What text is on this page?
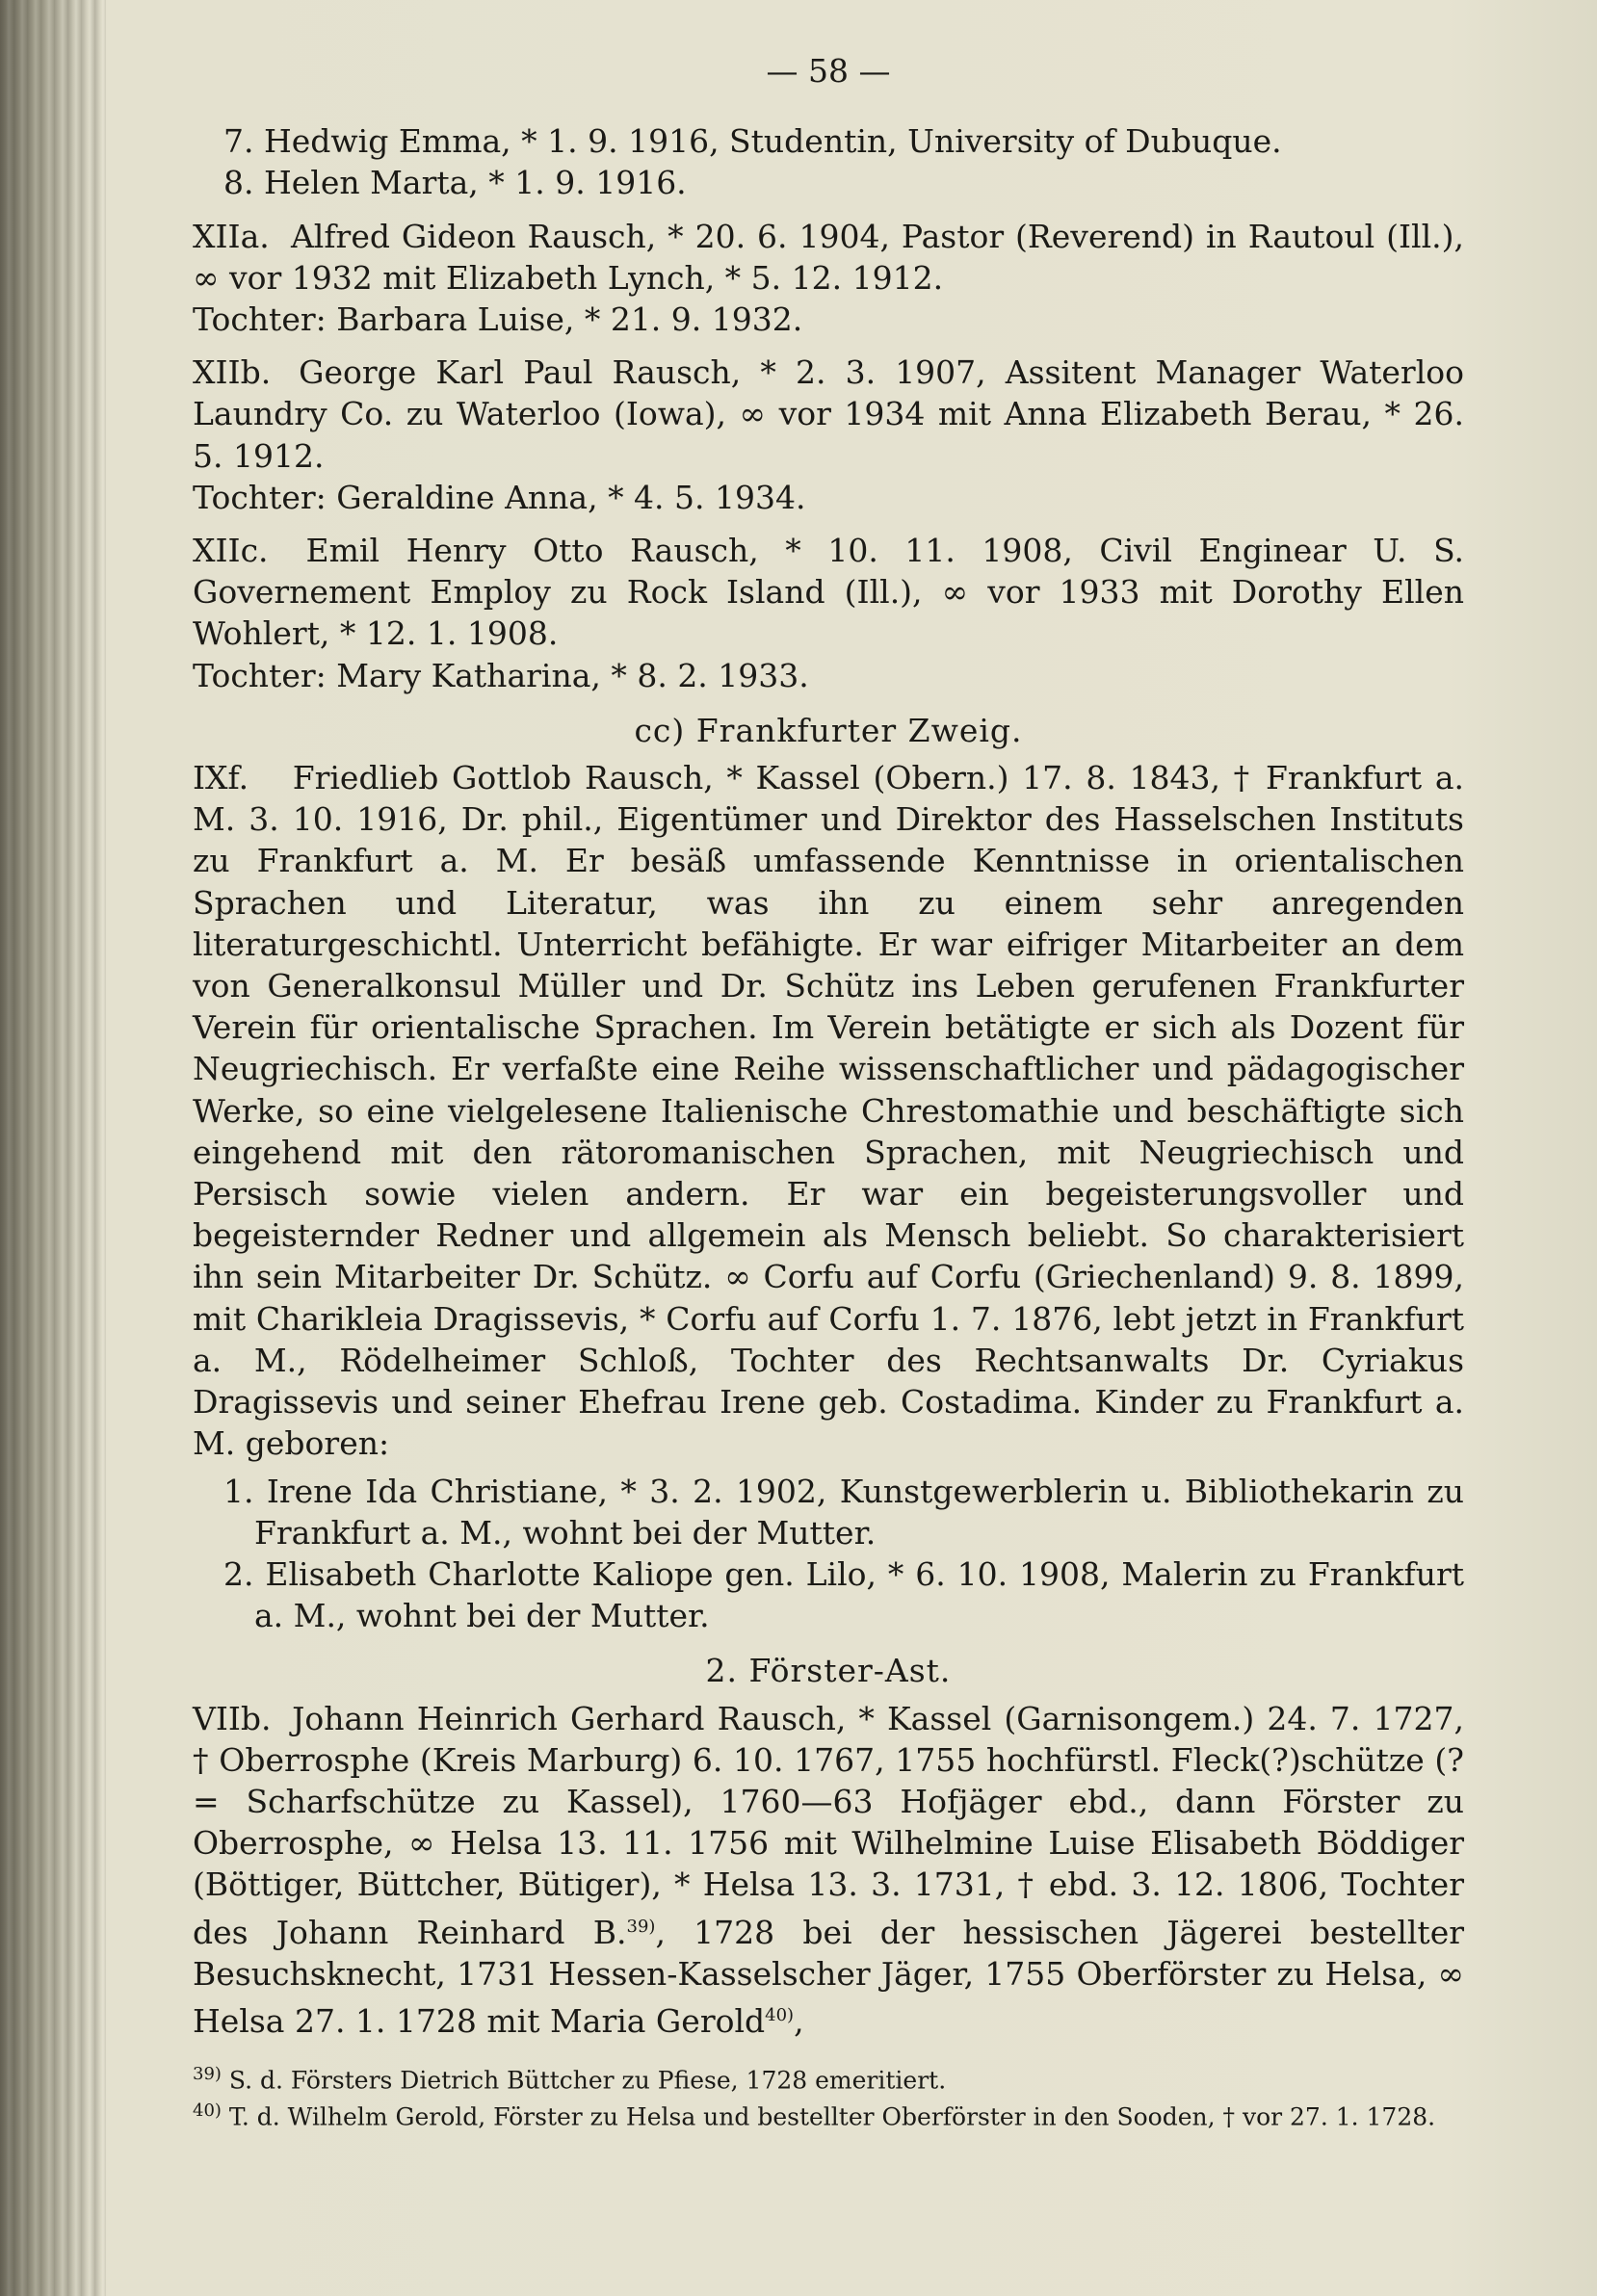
— 58 —

7. Hedwig Emma, * 1. 9. 1916, Studentin, University of Dubuque.

8. Helen Marta, * 1. 9. 1916.

XIIa. Alfred Gideon Rausch, * 20. 6. 1904, Pastor (Reverend) in Rautoul (Ill.), ∞ vor 1932 mit Elizabeth Lynch, * 5. 12. 1912.

Tochter: Barbara Luise, * 21. 9. 1932.

XIIb. George Karl Paul Rausch, * 2. 3. 1907, Assitent Manager Waterloo Laundry Co. zu Waterloo (Iowa), ∞ vor 1934 mit Anna Elizabeth Berau, * 26. 5. 1912.

Tochter: Geraldine Anna, * 4. 5. 1934.

XIIc. Emil Henry Otto Rausch, * 10. 11. 1908, Civil Enginear U. S. Governement Employ zu Rock Island (Ill.), ∞ vor 1933 mit Dorothy Ellen Wohlert, * 12. 1. 1908.

Tochter: Mary Katharina, * 8. 2. 1933.

cc) Frankfurter Zweig.

IXf. Friedlieb Gottlob Rausch, * Kassel (Obern.) 17. 8. 1843, † Frankfurt a. M. 3. 10. 1916, Dr. phil., Eigentümer und Direktor des Hasselschen Instituts zu Frankfurt a. M. Er besäß umfassende Kenntnisse in orientalischen Sprachen und Literatur, was ihn zu einem sehr anregenden literaturgeschichtl. Unterricht befähigte. Er war eifriger Mitarbeiter an dem von Generalkonsul Müller und Dr. Schütz ins Leben gerufenen Frankfurter Verein für orientalische Sprachen. Im Verein betätigte er sich als Dozent für Neugriechisch. Er verfaßte eine Reihe wissenschaftlicher und pädagogischer Werke, so eine vielgelesene Italienische Chrestomathie und beschäftigte sich eingehend mit den rätoromanischen Sprachen, mit Neugriechisch und Persisch sowie vielen andern. Er war ein begeisterungsvoller und begeisternder Redner und allgemein als Mensch beliebt. So charakterisiert ihn sein Mitarbeiter Dr. Schütz. ∞ Corfu auf Corfu (Griechenland) 9. 8. 1899, mit Charikleia Dragissevis, * Corfu auf Corfu 1. 7. 1876, lebt jetzt in Frankfurt a. M., Rödelheimer Schloß, Tochter des Rechtsanwalts Dr. Cyriakus Dragissevis und seiner Ehefrau Irene geb. Costadima. Kinder zu Frankfurt a. M. geboren:

1. Irene Ida Christiane, * 3. 2. 1902, Kunstgewerblerin u. Bibliothekarin zu Frankfurt a. M., wohnt bei der Mutter.
2. Elisabeth Charlotte Kaliope gen. Lilo, * 6. 10. 1908, Malerin zu Frankfurt a. M., wohnt bei der Mutter.
2. Förster-Ast.

VIIb. Johann Heinrich Gerhard Rausch, * Kassel (Garnisongem.) 24. 7. 1727, † Oberrosphe (Kreis Marburg) 6. 10. 1767, 1755 hochfürstl. Fleck(?)schütze (? = Scharfschütze zu Kassel), 1760—63 Hofjäger ebd., dann Förster zu Oberrosphe, ∞ Helsa 13. 11. 1756 mit Wilhelmine Luise Elisabeth Böddiger (Böttiger, Büttcher, Bütiger), * Helsa 13. 3. 1731, † ebd. 3. 12. 1806, Tochter des Johann Reinhard B.$^{39)}$, 1728 bei der hessischen Jägerei bestellter Besuchsknecht, 1731 Hessen-Kasselscher Jäger, 1755 Oberförster zu Helsa, ∞ Helsa 27. 1. 1728 mit Maria Gerold$^{40)}$,

$^{39)}$ S. d. Försters Dietrich Büttcher zu Pfiese, 1728 emeritiert.

$^{40)}$ T. d. Wilhelm Gerold, Förster zu Helsa und bestellter Oberförster in den Sooden, † vor 27. 1. 1728.
